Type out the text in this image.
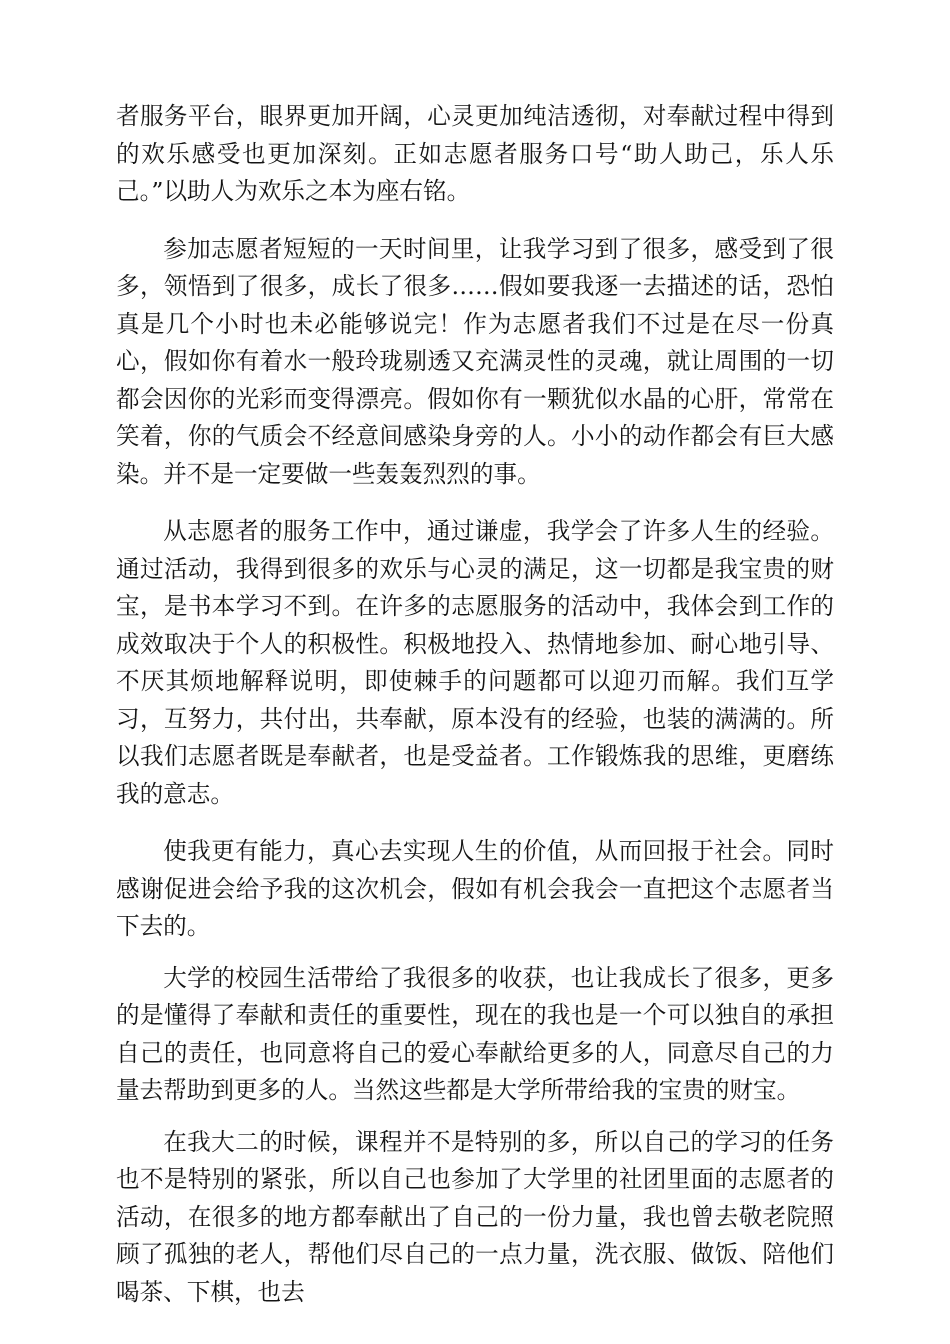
者服务平台，眼界更加开阔，心灵更加纯洁透彻，对奉献过程中得到的欢乐感受也更加深刻。正如志愿者服务口号“助人助己，乐人乐己。”以助人为欢乐之本为座右铭。

参加志愿者短短的一天时间里，让我学习到了很多，感受到了很多，领悟到了很多，成长了很多……假如要我逐一去描述的话，恐怕真是几个小时也未必能够说完！作为志愿者我们不过是在尽一份真心，假如你有着水一般玲珑剔透又充满灵性的灵魂，就让周围的一切都会因你的光彩而变得漂亮。假如你有一颗犹似水晶的心肝，常常在笑着，你的气质会不经意间感染身旁的人。小小的动作都会有巨大感染。并不是一定要做一些轰轰烈烈的事。

从志愿者的服务工作中，通过谦虚，我学会了许多人生的经验。通过活动，我得到很多的欢乐与心灵的满足，这一切都是我宝贵的财宝，是书本学习不到。在许多的志愿服务的活动中，我体会到工作的成效取决于个人的积极性。积极地投入、热情地参加、耐心地引导、不厌其烦地解释说明，即使棘手的问题都可以迎刃而解。我们互学习，互努力，共付出，共奉献，原本没有的经验，也装的满满的。所以我们志愿者既是奉献者，也是受益者。工作锻炼我的思维，更磨练我的意志。

使我更有能力，真心去实现人生的价值，从而回报于社会。同时感谢促进会给予我的这次机会，假如有机会我会一直把这个志愿者当下去的。

大学的校园生活带给了我很多的收获，也让我成长了很多，更多的是懂得了奉献和责任的重要性，现在的我也是一个可以独自的承担自己的责任，也同意将自己的爱心奉献给更多的人，同意尽自己的力量去帮助到更多的人。当然这些都是大学所带给我的宝贵的财宝。

在我大二的时候，课程并不是特别的多，所以自己的学习的任务也不是特别的紧张，所以自己也参加了大学里的社团里面的志愿者的活动，在很多的地方都奉献出了自己的一份力量，我也曾去敬老院照顾了孤独的老人，帮他们尽自己的一点力量，洗衣服、做饭、陪他们喝茶、下棋，也去
